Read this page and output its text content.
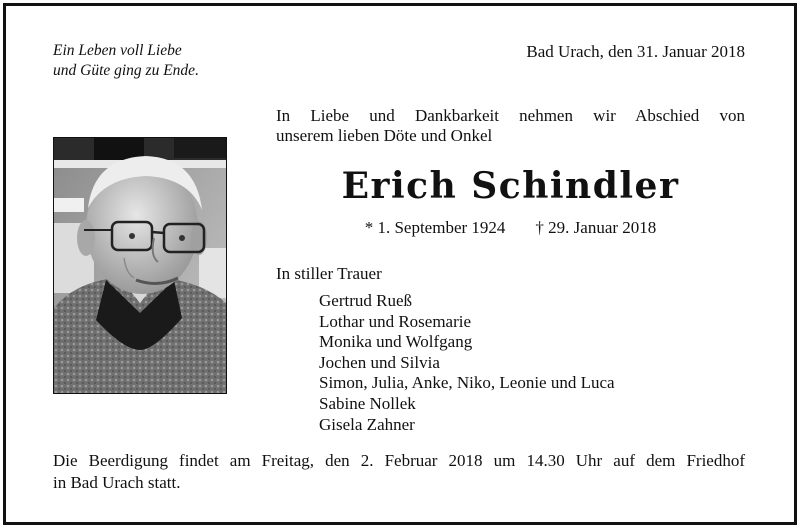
Ein Leben voll Liebe
und Güte ging zu Ende.
Bad Urach, den 31. Januar 2018
In Liebe und Dankbarkeit nehmen wir Abschied von
unserem lieben Döte und Onkel
Erich Schindler
* 1. September 1924 † 29. Januar 2018
In stiller Trauer
Gertrud Rueß
Lothar und Rosemarie
Monika und Wolfgang
Jochen und Silvia
Simon, Julia, Anke, Niko, Leonie und Luca
Sabine Nollek
Gisela Zahner
Die Beerdigung findet am Freitag, den 2. Februar 2018 um 14.30 Uhr auf dem Friedhof
in Bad Urach statt.
